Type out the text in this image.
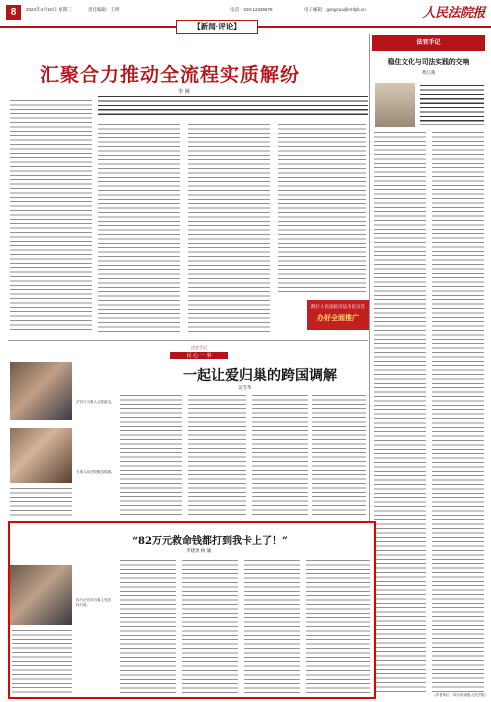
8	2024年4月10日 星期三	责任编辑：王明	电话：010-12345678	电子邮箱：gongzuo@rmfyb.cn	人民法院报
【新闻·评论】
汇聚合力推动全流程实质解纷
李 刚
法官手记
稳住文化与司法实践的交响
黄江燕
践行人民法院司法为民宗旨
办好全面推广
法官手记
民 心 一 事
一起让爱归巢的跨国调解
吴雪华
法官与当事人合影留念。
当事人向法院赠送锦旗。
“82万元救命钱都打到我卡上了！”
李建勇 杨 颖
执行法官向当事人发放执行款。
（作者单位：四川省高级人民法院）
